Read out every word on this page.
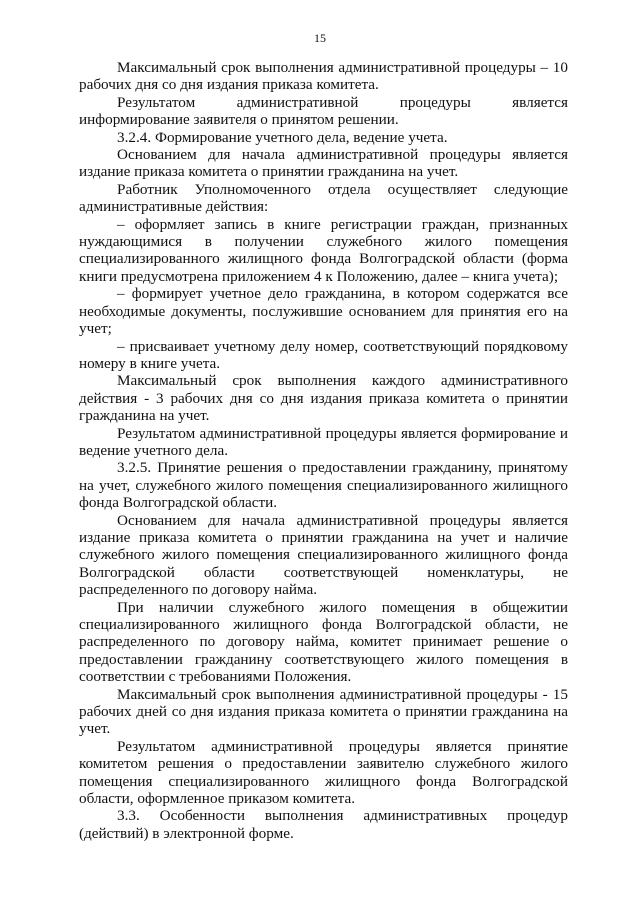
15

Максимальный срок выполнения административной процедуры – 10 рабочих дня со дня издания приказа комитета.

Результатом административной процедуры является информирование заявителя о принятом решении.

3.2.4. Формирование учетного дела, ведение учета.

Основанием для начала административной процедуры является издание приказа комитета о принятии гражданина на учет.

Работник Уполномоченного отдела осуществляет следующие административные действия:

– оформляет запись в книге регистрации граждан, признанных нуждающимися в получении служебного жилого помещения специализированного жилищного фонда Волгоградской области (форма книги предусмотрена приложением 4 к Положению, далее – книга учета);

– формирует учетное дело гражданина, в котором содержатся все необходимые документы, послужившие основанием для принятия его на учет;

– присваивает учетному делу номер, соответствующий порядковому номеру в книге учета.

Максимальный срок выполнения каждого административного действия - 3 рабочих дня со дня издания приказа комитета о принятии гражданина на учет.

Результатом административной процедуры является формирование и ведение учетного дела.

3.2.5. Принятие решения о предоставлении гражданину, принятому на учет, служебного жилого помещения специализированного жилищного фонда Волгоградской области.

Основанием для начала административной процедуры является издание приказа комитета о принятии гражданина на учет и наличие служебного жилого помещения специализированного жилищного фонда Волгоградской области соответствующей номенклатуры, не распределенного по договору найма.

При наличии служебного жилого помещения в общежитии специализированного жилищного фонда Волгоградской области, не распределенного по договору найма, комитет принимает решение о предоставлении гражданину соответствующего жилого помещения в соответствии с требованиями Положения.

Максимальный срок выполнения административной процедуры - 15 рабочих дней со дня издания приказа комитета о принятии гражданина на учет.

Результатом административной процедуры является принятие комитетом решения о предоставлении заявителю служебного жилого помещения специализированного жилищного фонда Волгоградской области, оформленное приказом комитета.

3.3. Особенности выполнения административных процедур (действий) в электронной форме.
